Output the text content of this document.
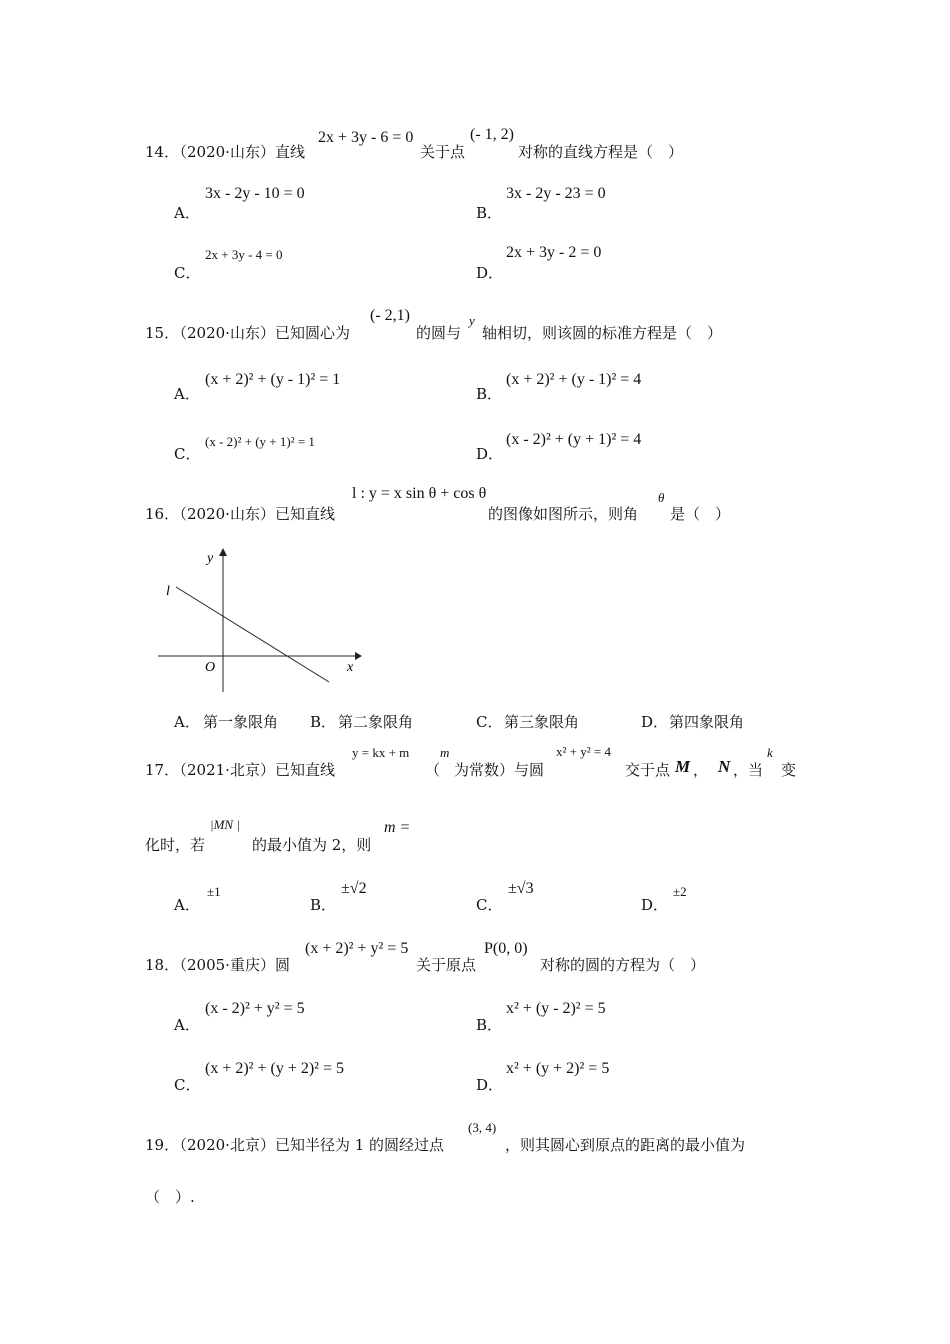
14．
（2020·山东）直线
2x + 3y - 6 = 0
关于点
(- 1, 2)
对称的直线方程是（　）
A．
3x - 2y - 10 = 0
B．
3x - 2y - 23 = 0
C．
2x + 3y - 4 = 0
D．
2x + 3y - 2 = 0
15．
（2020·山东）已知圆心为
(- 2,1)
的圆与
y
轴相切，则该圆的标准方程是（　）
A．
(x + 2)² + (y - 1)² = 1
B．
(x + 2)² + (y - 1)² = 4
C．
(x - 2)² + (y + 1)² = 1
D．
(x - 2)² + (y + 1)² = 4
16．
（2020·山东）已知直线
l : y = x sin θ + cos θ
的图像如图所示，则角
θ
是（　）
y
x
O
l
A． 第一象限角 B． 第二象限角	C． 第三象限角	D． 第四象限角
17．
（2021·北京）已知直线
y = kx + m
（
m
为常数）与圆
x² + y² = 4
交于点 M ， N ，当
k
变
化时，若
|MN |
的最小值为 2，则
m =
A．
±1
B．
±√2
C．
±√3
D．
±2
18．
（2005·重庆）圆
(x + 2)² + y² = 5
关于原点
P(0, 0)
对称的圆的方程为（　）
A．
(x - 2)² + y² = 5
B．
x² + (y - 2)² = 5
C．
(x + 2)² + (y + 2)² = 5
D．
x² + (y + 2)² = 5
19．
（2020·北京）已知半径为 1 的圆经过点
(3, 4)
，则其圆心到原点的距离的最小值为
（　）.
